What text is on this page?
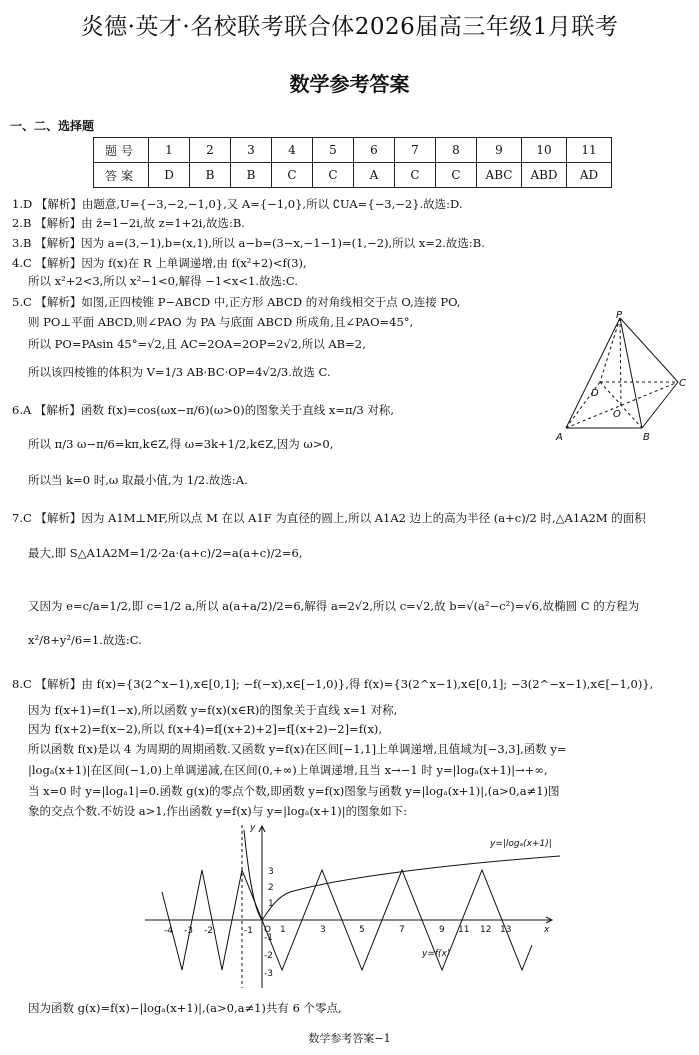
炎德·英才·名校联考联合体2026届高三年级1月联考
数学参考答案
一、二、选择题
题号	1	2	3	4	5	6	7	8	9	10	11
答案	D	B	B	C	C	A	C	C	ABC	ABD	AD
1.D 【解析】由题意,U={−3,−2,−1,0},又 A={−1,0},所以 ∁UA={−3,−2}.故选:D.
2.B 【解析】由 z̄=1−2i,故 z=1+2i,故选:B.
3.B 【解析】因为 a=(3,−1),b=(x,1),所以 a−b=(3−x,−1−1)=(1,−2),所以 x=2.故选:B.
4.C 【解析】因为 f(x)在 R 上单调递增,由 f(x²+2)<f(3),
所以 x²+2<3,所以 x²−1<0,解得 −1<x<1.故选:C.
5.C 【解析】如图,正四棱锥 P−ABCD 中,正方形 ABCD 的对角线相交于点 O,连接 PO,
则 PO⊥平面 ABCD,则∠PAO 为 PA 与底面 ABCD 所成角,且∠PAO=45°,
所以 PO=PAsin 45°=√2,且 AC=2OA=2OP=2√2,所以 AB=2,
所以该四棱锥的体积为 V=1/3 AB·BC·OP=4√2/3.故选 C.
6.A 【解析】函数 f(x)=cos(ωx−π/6)(ω>0)的图象关于直线 x=π/3 对称,
所以 π/3 ω−π/6=kπ,k∈Z,得 ω=3k+1/2,k∈Z,因为 ω>0,
所以当 k=0 时,ω 取最小值,为 1/2.故选:A.
7.C 【解析】因为 A1M⊥MF,所以点 M 在以 A1F 为直径的圆上,所以 A1A2 边上的高为半径 (a+c)/2 时,△A1A2M 的面积
最大,即 S△A1A2M=1/2·2a·(a+c)/2=a(a+c)/2=6,
又因为 e=c/a=1/2,即 c=1/2 a,所以 a(a+a/2)/2=6,解得 a=2√2,所以 c=√2,故 b=√(a²−c²)=√6,故椭圆 C 的方程为
x²/8+y²/6=1.故选:C.
8.C 【解析】由 f(x)={3(2^x−1),x∈[0,1]; −f(−x),x∈[−1,0)},得 f(x)={3(2^x−1),x∈[0,1]; −3(2^−x−1),x∈[−1,0)},
因为 f(x+1)=f(1−x),所以函数 y=f(x)(x∈R)的图象关于直线 x=1 对称,
因为 f(x+2)=f(x−2),所以 f(x+4)=f[(x+2)+2]=f[(x+2)−2]=f(x),
所以函数 f(x)是以 4 为周期的周期函数.又函数 y=f(x)在区间[−1,1]上单调递增,且值域为[−3,3],函数 y=
|logₐ(x+1)|在区间(−1,0)上单调递减,在区间(0,+∞)上单调递增,且当 x→−1 时 y=|logₐ(x+1)|→+∞,
当 x=0 时 y=|logₐ1|=0.函数 g(x)的零点个数,即函数 y=f(x)图象与函数 y=|logₐ(x+1)|,(a>0,a≠1)图
象的交点个数.不妨设 a>1,作出函数 y=f(x)与 y=|logₐ(x+1)|的图象如下:
因为函数 g(x)=f(x)−|logₐ(x+1)|,(a>0,a≠1)共有 6 个零点,
P
A	B
C
D
O
-4 -3 -2	-1 O 1	3	5	7	9 11 12 13
3
2
1
-1
-2
-3
x
y
y=|logₐ(x+1)|
y=f(x)
数学参考答案−1
